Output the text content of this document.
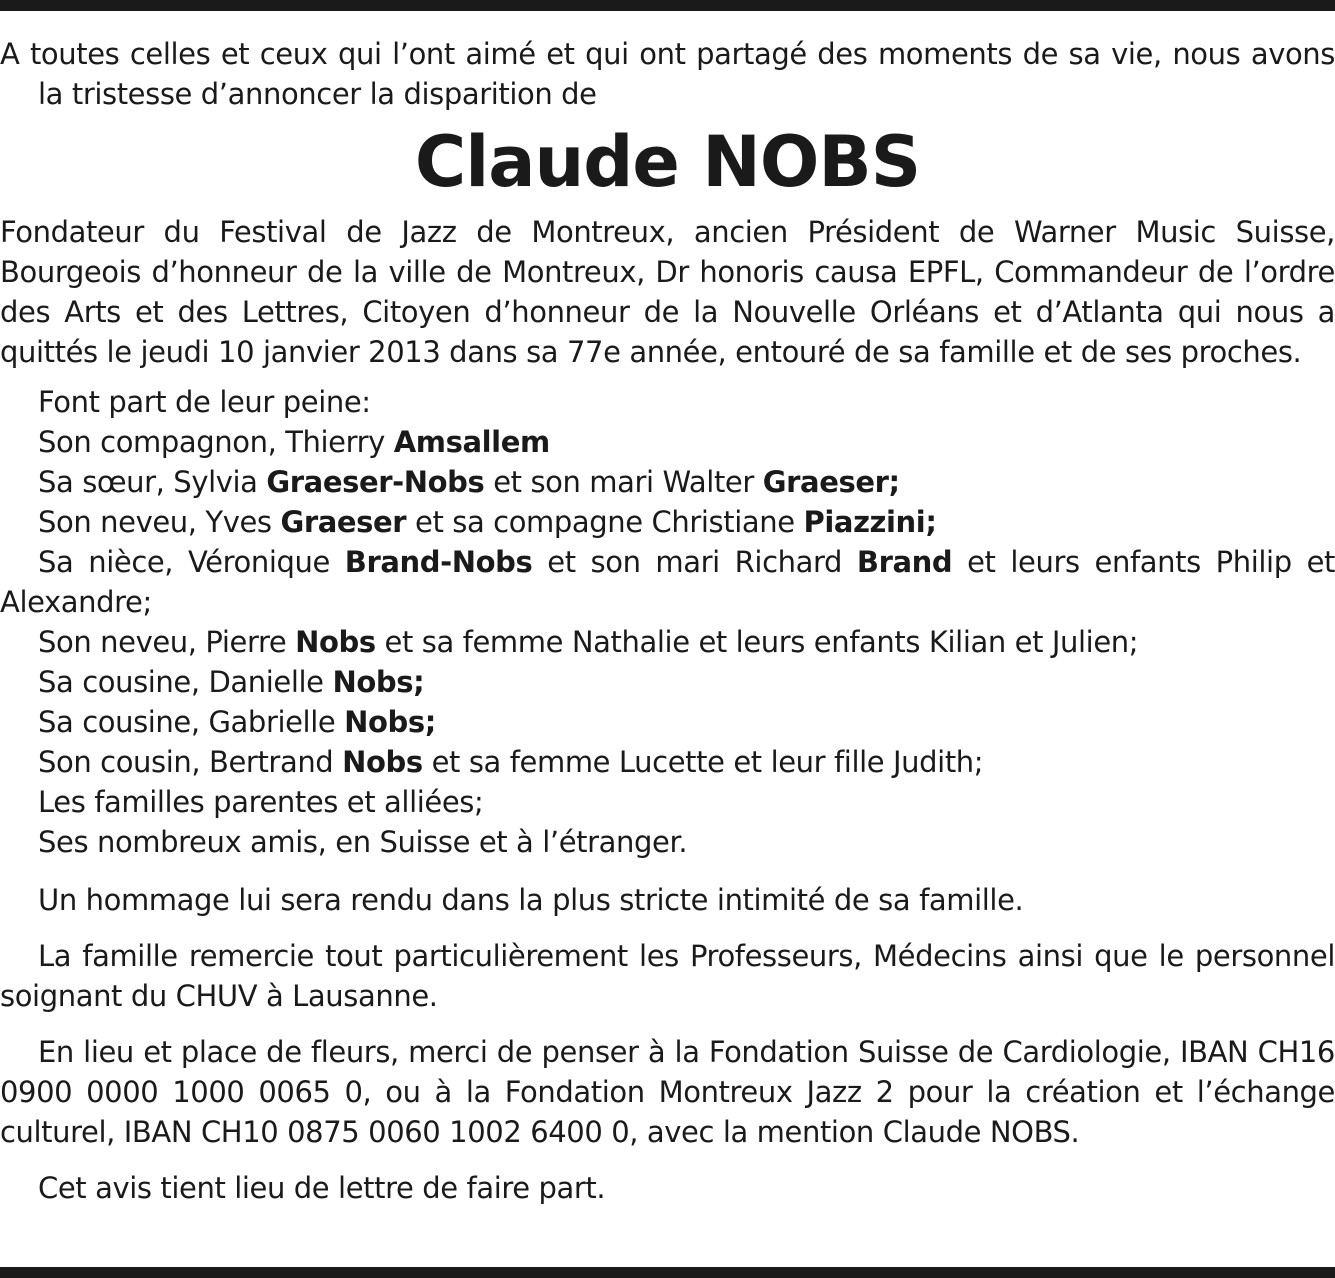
A toutes celles et ceux qui l’ont aimé et qui ont partagé des moments de sa vie, nous avons la tristesse d’annoncer la disparition de

Claude NOBS

Fondateur du Festival de Jazz de Montreux, ancien Président de Warner Music Suisse, Bourgeois d’honneur de la ville de Montreux, Dr honoris causa EPFL, Commandeur de l’ordre des Arts et des Lettres, Citoyen d’honneur de la Nouvelle Orléans et d’Atlanta qui nous a quittés le jeudi 10 janvier 2013 dans sa 77e année, entouré de sa famille et de ses proches.

Font part de leur peine:

Son compagnon, Thierry Amsallem

Sa sœur, Sylvia Graeser-Nobs et son mari Walter Graeser;

Son neveu, Yves Graeser et sa compagne Christiane Piazzini;

Sa nièce, Véronique Brand-Nobs et son mari Richard Brand et leurs enfants Philip et Alexandre;

Son neveu, Pierre Nobs et sa femme Nathalie et leurs enfants Kilian et Julien;

Sa cousine, Danielle Nobs;

Sa cousine, Gabrielle Nobs;

Son cousin, Bertrand Nobs et sa femme Lucette et leur fille Judith;

Les familles parentes et alliées;

Ses nombreux amis, en Suisse et à l’étranger.

Un hommage lui sera rendu dans la plus stricte intimité de sa famille.

La famille remercie tout particulièrement les Professeurs, Médecins ainsi que le personnel soignant du CHUV à Lausanne.

En lieu et place de fleurs, merci de penser à la Fondation Suisse de Cardiologie, IBAN CH16 0900 0000 1000 0065 0, ou à la Fondation Montreux Jazz 2 pour la création et l’échange culturel, IBAN CH10 0875 0060 1002 6400 0, avec la mention Claude NOBS.

Cet avis tient lieu de lettre de faire part.
